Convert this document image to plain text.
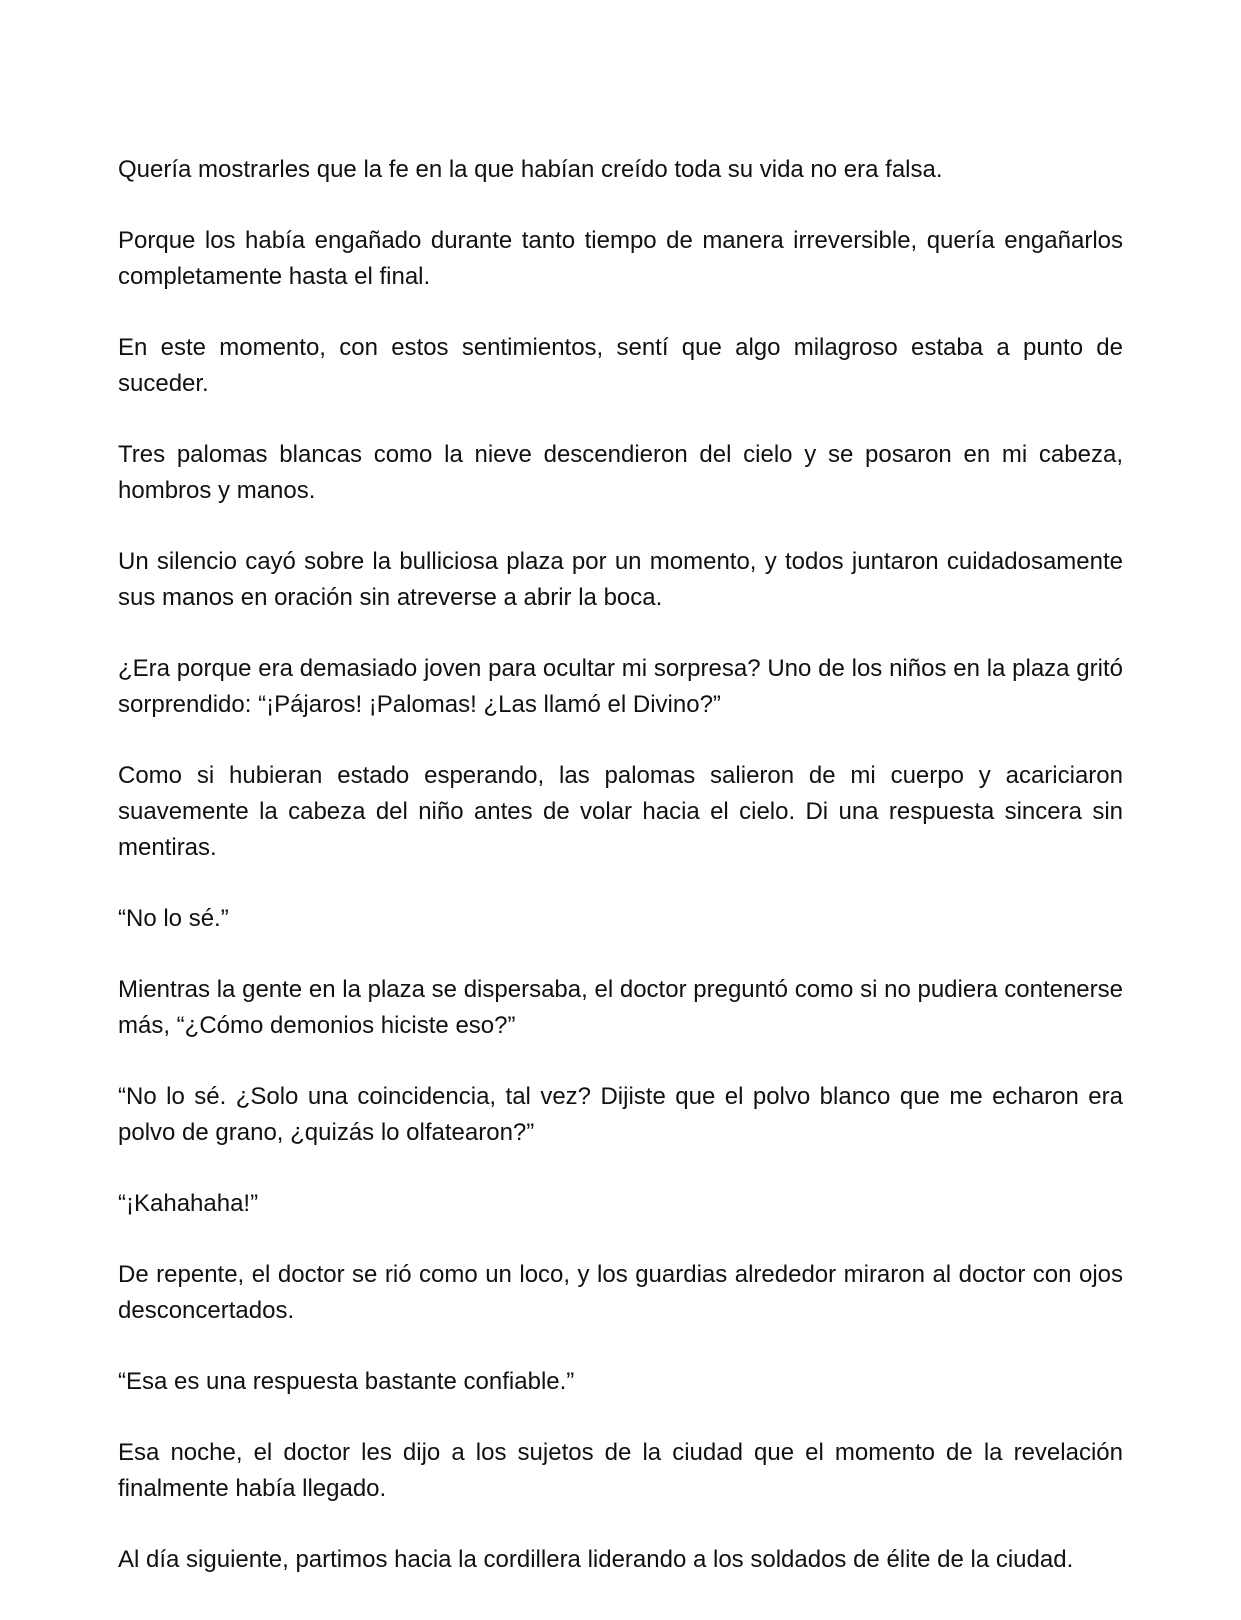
Quería mostrarles que la fe en la que habían creído toda su vida no era falsa.

Porque los había engañado durante tanto tiempo de manera irreversible, quería engañarlos completamente hasta el final.

En este momento, con estos sentimientos, sentí que algo milagroso estaba a punto de suceder.

Tres palomas blancas como la nieve descendieron del cielo y se posaron en mi cabeza, hombros y manos.

Un silencio cayó sobre la bulliciosa plaza por un momento, y todos juntaron cuidadosamente sus manos en oración sin atreverse a abrir la boca.

¿Era porque era demasiado joven para ocultar mi sorpresa? Uno de los niños en la plaza gritó sorprendido: “¡Pájaros! ¡Palomas! ¿Las llamó el Divino?”

Como si hubieran estado esperando, las palomas salieron de mi cuerpo y acariciaron suavemente la cabeza del niño antes de volar hacia el cielo. Di una respuesta sincera sin mentiras.

“No lo sé.”

Mientras la gente en la plaza se dispersaba, el doctor preguntó como si no pudiera contenerse más, “¿Cómo demonios hiciste eso?”

“No lo sé. ¿Solo una coincidencia, tal vez? Dijiste que el polvo blanco que me echaron era polvo de grano, ¿quizás lo olfatearon?”

“¡Kahahaha!”

De repente, el doctor se rió como un loco, y los guardias alrededor miraron al doctor con ojos desconcertados.

“Esa es una respuesta bastante confiable.”

Esa noche, el doctor les dijo a los sujetos de la ciudad que el momento de la revelación finalmente había llegado.

Al día siguiente, partimos hacia la cordillera liderando a los soldados de élite de la ciudad.
